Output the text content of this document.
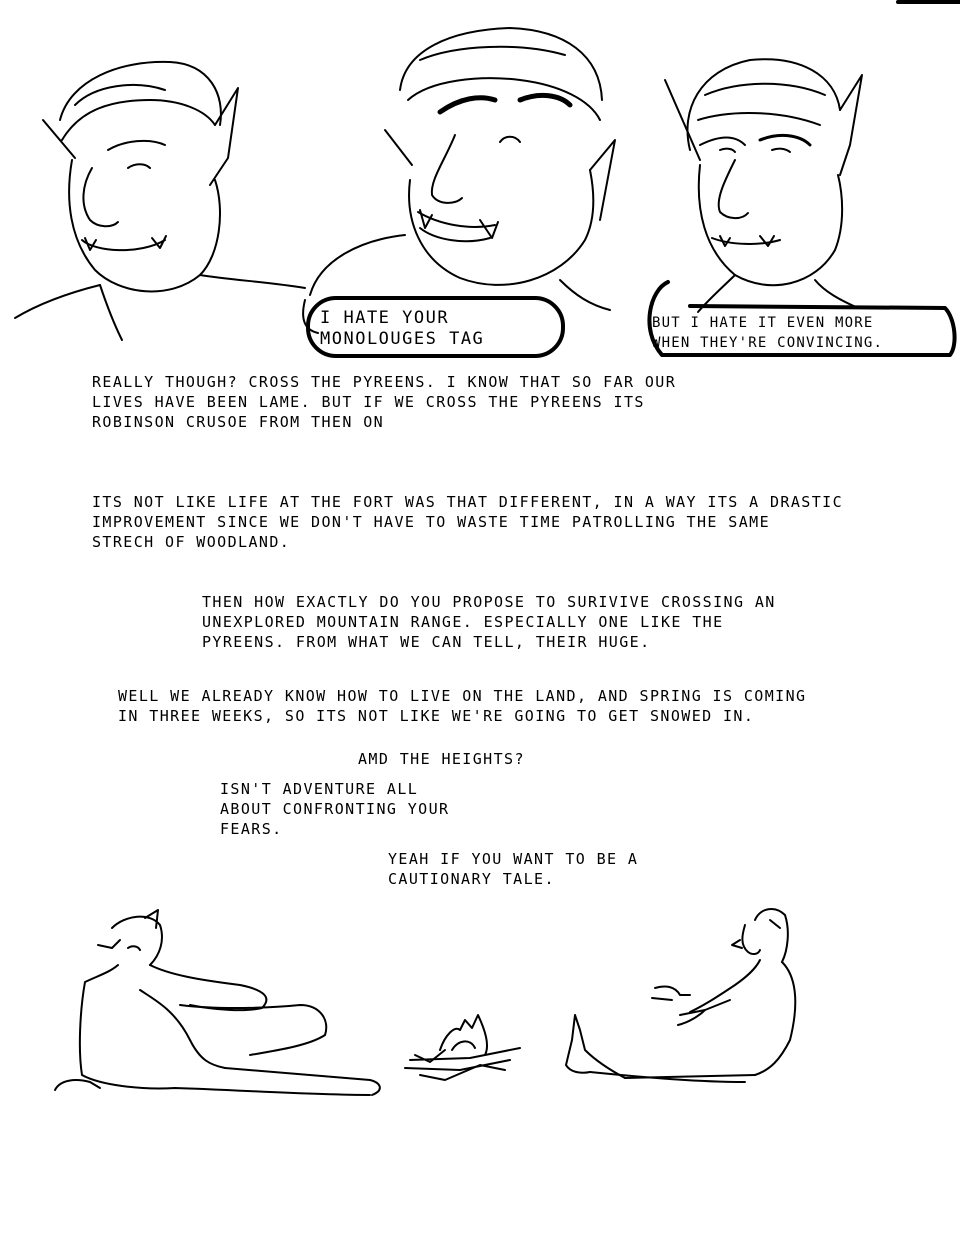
I HATE YOUR
MONOLOUGES TAG
BUT I HATE IT EVEN MORE
WHEN THEY'RE CONVINCING.
REALLY THOUGH? CROSS THE PYREENS. I KNOW THAT SO FAR OUR
LIVES HAVE BEEN LAME. BUT IF WE CROSS THE PYREENS ITS
ROBINSON CRUSOE FROM THEN ON
ITS NOT LIKE LIFE AT THE FORT WAS THAT DIFFERENT, IN A WAY ITS A DRASTIC
IMPROVEMENT SINCE WE DON'T HAVE TO WASTE TIME PATROLLING THE SAME
STRECH OF WOODLAND.
THEN HOW EXACTLY DO YOU PROPOSE TO SURIVIVE CROSSING AN
UNEXPLORED MOUNTAIN RANGE. ESPECIALLY ONE LIKE THE
PYREENS. FROM WHAT WE CAN TELL, THEIR HUGE.
WELL WE ALREADY KNOW HOW TO LIVE ON THE LAND, AND SPRING IS COMING
IN THREE WEEKS, SO ITS NOT LIKE WE'RE GOING TO GET SNOWED IN.
AMD THE HEIGHTS?
ISN'T ADVENTURE ALL
ABOUT CONFRONTING YOUR
FEARS.
YEAH IF YOU WANT TO BE A
CAUTIONARY TALE.
